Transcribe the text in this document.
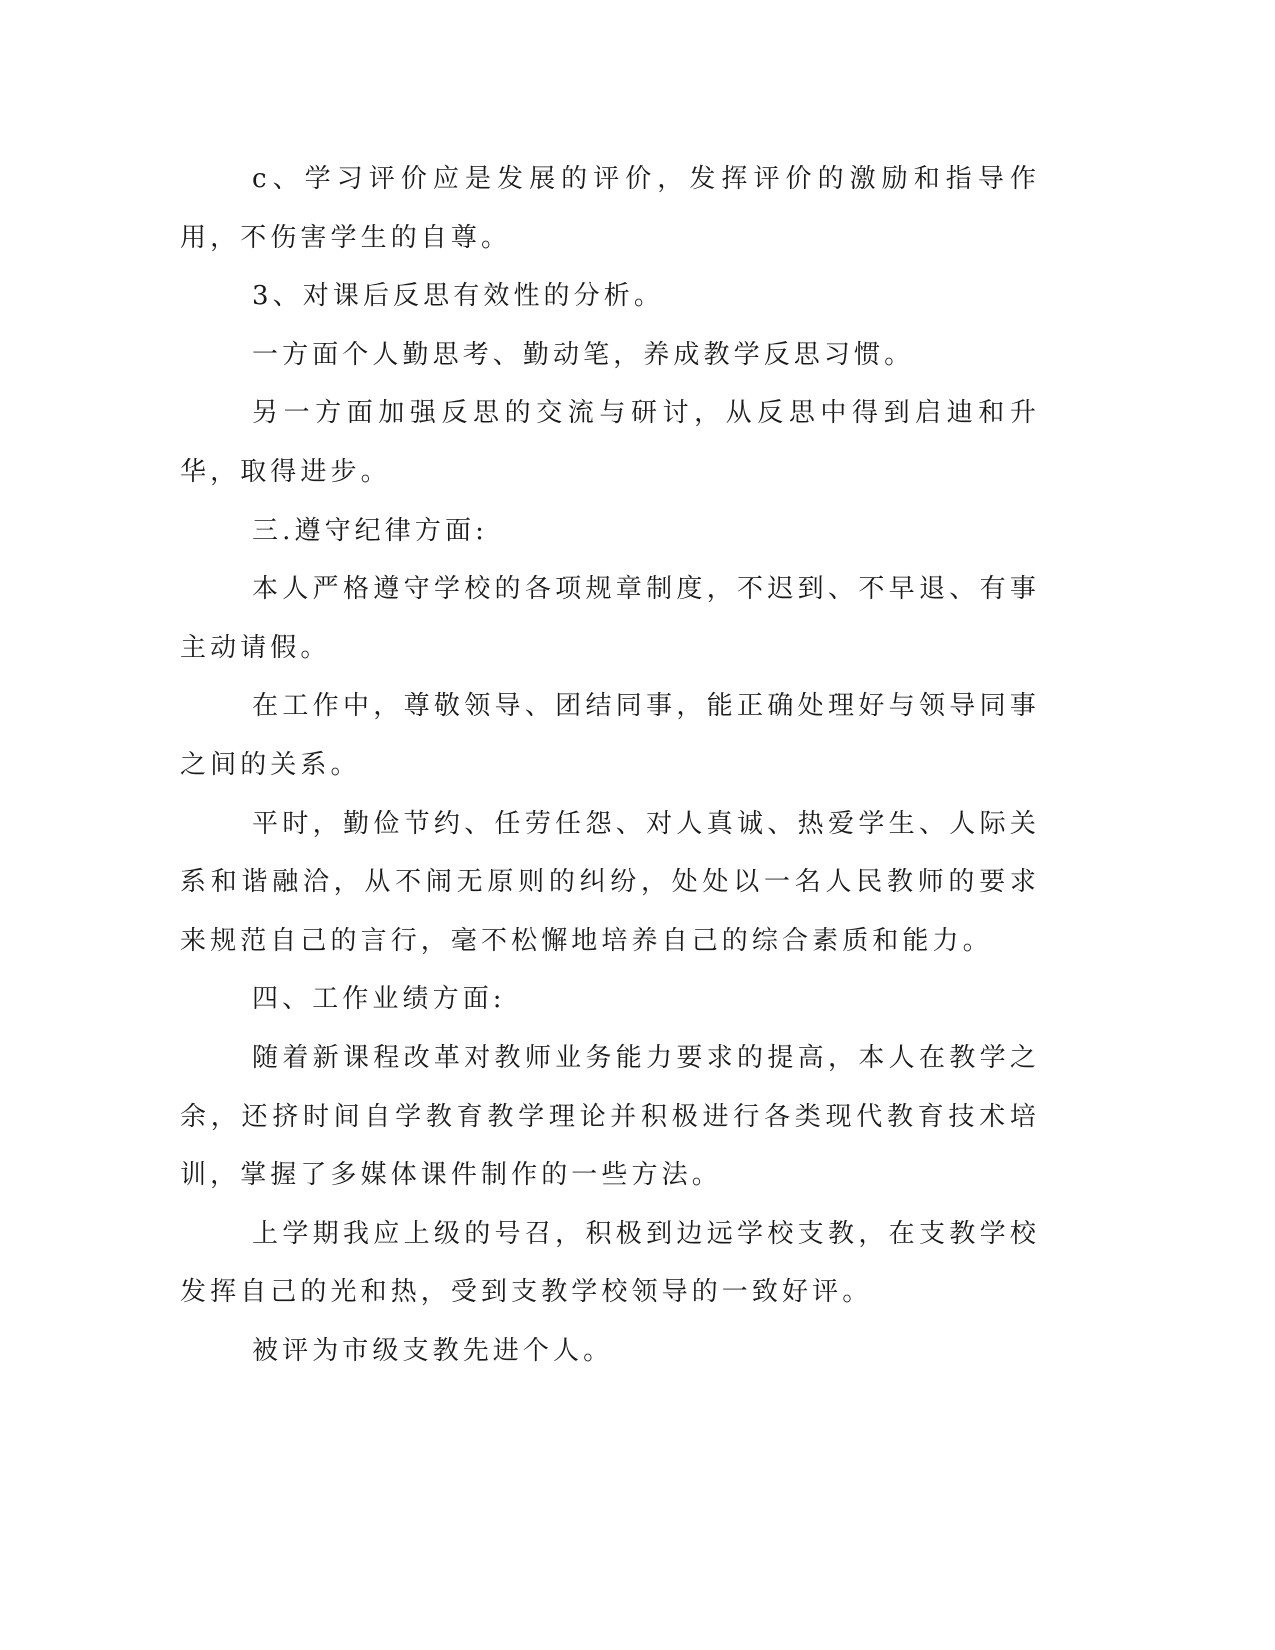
c、学习评价应是发展的评价，发挥评价的激励和指导作用，不伤害学生的自尊。

3、对课后反思有效性的分析。

一方面个人勤思考、勤动笔，养成教学反思习惯。

另一方面加强反思的交流与研讨，从反思中得到启迪和升华，取得进步。

三.遵守纪律方面:

本人严格遵守学校的各项规章制度，不迟到、不早退、有事主动请假。

在工作中，尊敬领导、团结同事，能正确处理好与领导同事之间的关系。

平时，勤俭节约、任劳任怨、对人真诚、热爱学生、人际关系和谐融洽，从不闹无原则的纠纷，处处以一名人民教师的要求来规范自己的言行，毫不松懈地培养自己的综合素质和能力。

四、工作业绩方面:

随着新课程改革对教师业务能力要求的提高，本人在教学之余，还挤时间自学教育教学理论并积极进行各类现代教育技术培训，掌握了多媒体课件制作的一些方法。

上学期我应上级的号召，积极到边远学校支教，在支教学校发挥自己的光和热，受到支教学校领导的一致好评。

被评为市级支教先进个人。
